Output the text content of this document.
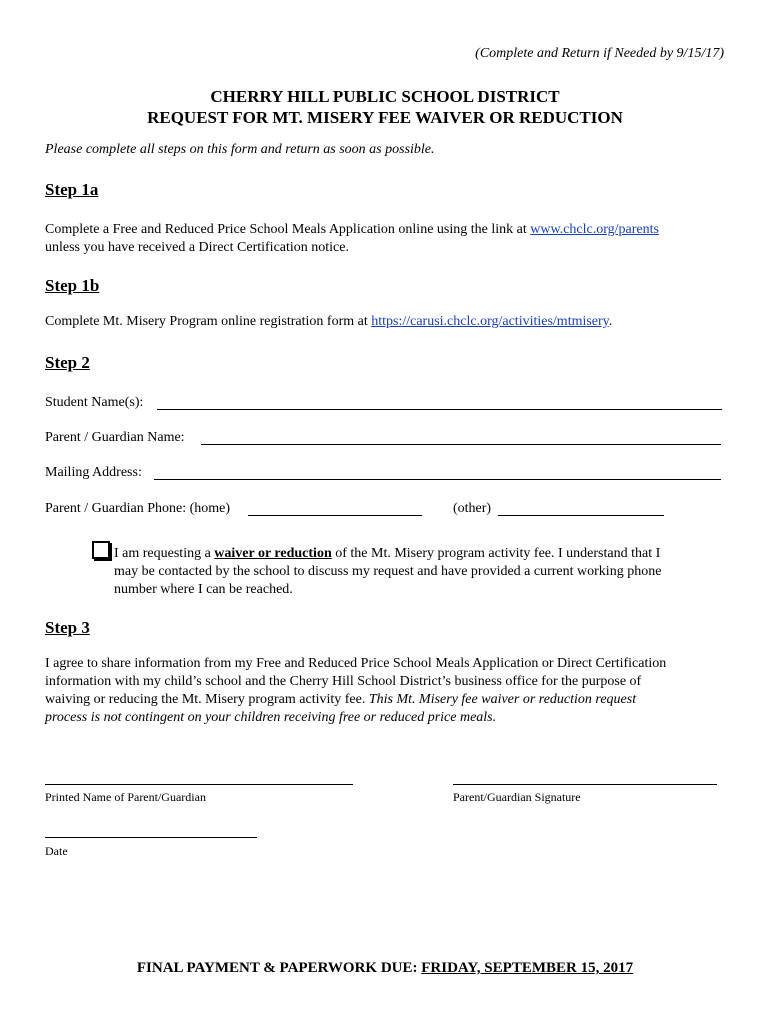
(Complete and Return if Needed by 9/15/17)
CHERRY HILL PUBLIC SCHOOL DISTRICT
REQUEST FOR MT. MISERY FEE WAIVER OR REDUCTION
Please complete all steps on this form and return as soon as possible.
Step 1a
Complete a Free and Reduced Price School Meals Application online using the link at www.chclc.org/parents
unless you have received a Direct Certification notice.
Step 1b
Complete Mt. Misery Program online registration form at https://carusi.chclc.org/activities/mtmisery.
Step 2
Student Name(s):
Parent / Guardian Name:
Mailing Address:
Parent / Guardian Phone: (home)	(other)
I am requesting a waiver or reduction of the Mt. Misery program activity fee. I understand that I
may be contacted by the school to discuss my request and have provided a current working phone
number where I can be reached.
Step 3
I agree to share information from my Free and Reduced Price School Meals Application or Direct Certification
information with my child’s school and the Cherry Hill School District’s business office for the purpose of
waiving or reducing the Mt. Misery program activity fee. This Mt. Misery fee waiver or reduction request
process is not contingent on your children receiving free or reduced price meals.
Printed Name of Parent/Guardian	Parent/Guardian Signature
Date
FINAL PAYMENT & PAPERWORK DUE: FRIDAY, SEPTEMBER 15, 2017
